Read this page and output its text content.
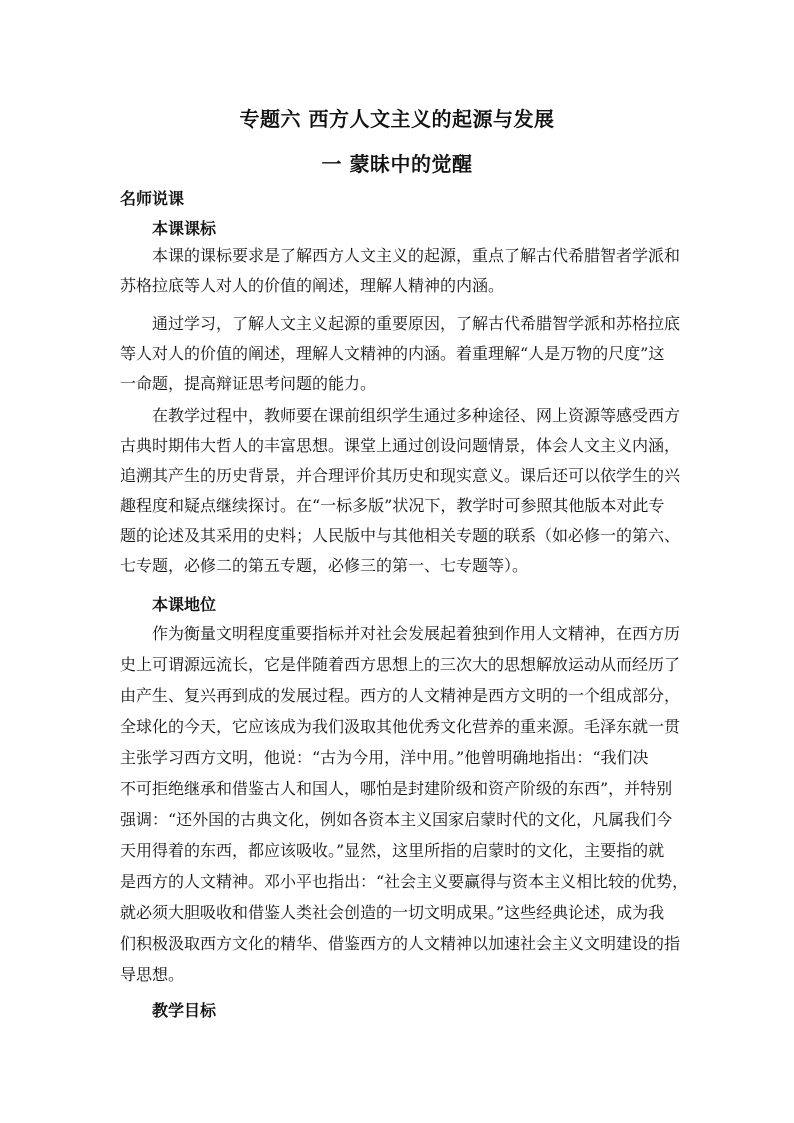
专题六 西方人文主义的起源与发展
一 蒙昧中的觉醒
名师说课
本课课标
本课的课标要求是了解西方人文主义的起源，重点了解古代希腊智者学派和
苏格拉底等人对人的价值的阐述，理解人精神的内涵。
通过学习，了解人文主义起源的重要原因，了解古代希腊智学派和苏格拉底
等人对人的价值的阐述，理解人文精神的内涵。着重理解“人是万物的尺度”这
一命题，提高辩证思考问题的能力。
在教学过程中，教师要在课前组织学生通过多种途径、网上资源等感受西方
古典时期伟大哲人的丰富思想。课堂上通过创设问题情景，体会人文主义内涵，
追溯其产生的历史背景，并合理评价其历史和现实意义。课后还可以依学生的兴
趣程度和疑点继续探讨。在“一标多版”状况下，教学时可参照其他版本对此专
题的论述及其采用的史料；人民版中与其他相关专题的联系（如必修一的第六、
七专题，必修二的第五专题，必修三的第一、七专题等）。
本课地位
作为衡量文明程度重要指标并对社会发展起着独到作用人文精神，在西方历
史上可谓源远流长，它是伴随着西方思想上的三次大的思想解放运动从而经历了
由产生、复兴再到成的发展过程。西方的人文精神是西方文明的一个组成部分，
全球化的今天，它应该成为我们汲取其他优秀文化营养的重来源。毛泽东就一贯
主张学习西方文明，他说：“古为今用，洋中用。”他曾明确地指出：“我们决
不可拒绝继承和借鉴古人和国人，哪怕是封建阶级和资产阶级的东西”，并特别
强调：“还外国的古典文化，例如各资本主义国家启蒙时代的文化，凡属我们今
天用得着的东西，都应该吸收。”显然，这里所指的启蒙时的文化，主要指的就
是西方的人文精神。邓小平也指出：“社会主义要赢得与资本主义相比较的优势，
就必须大胆吸收和借鉴人类社会创造的一切文明成果。”这些经典论述，成为我
们积极汲取西方文化的精华、借鉴西方的人文精神以加速社会主义文明建设的指
导思想。
教学目标
